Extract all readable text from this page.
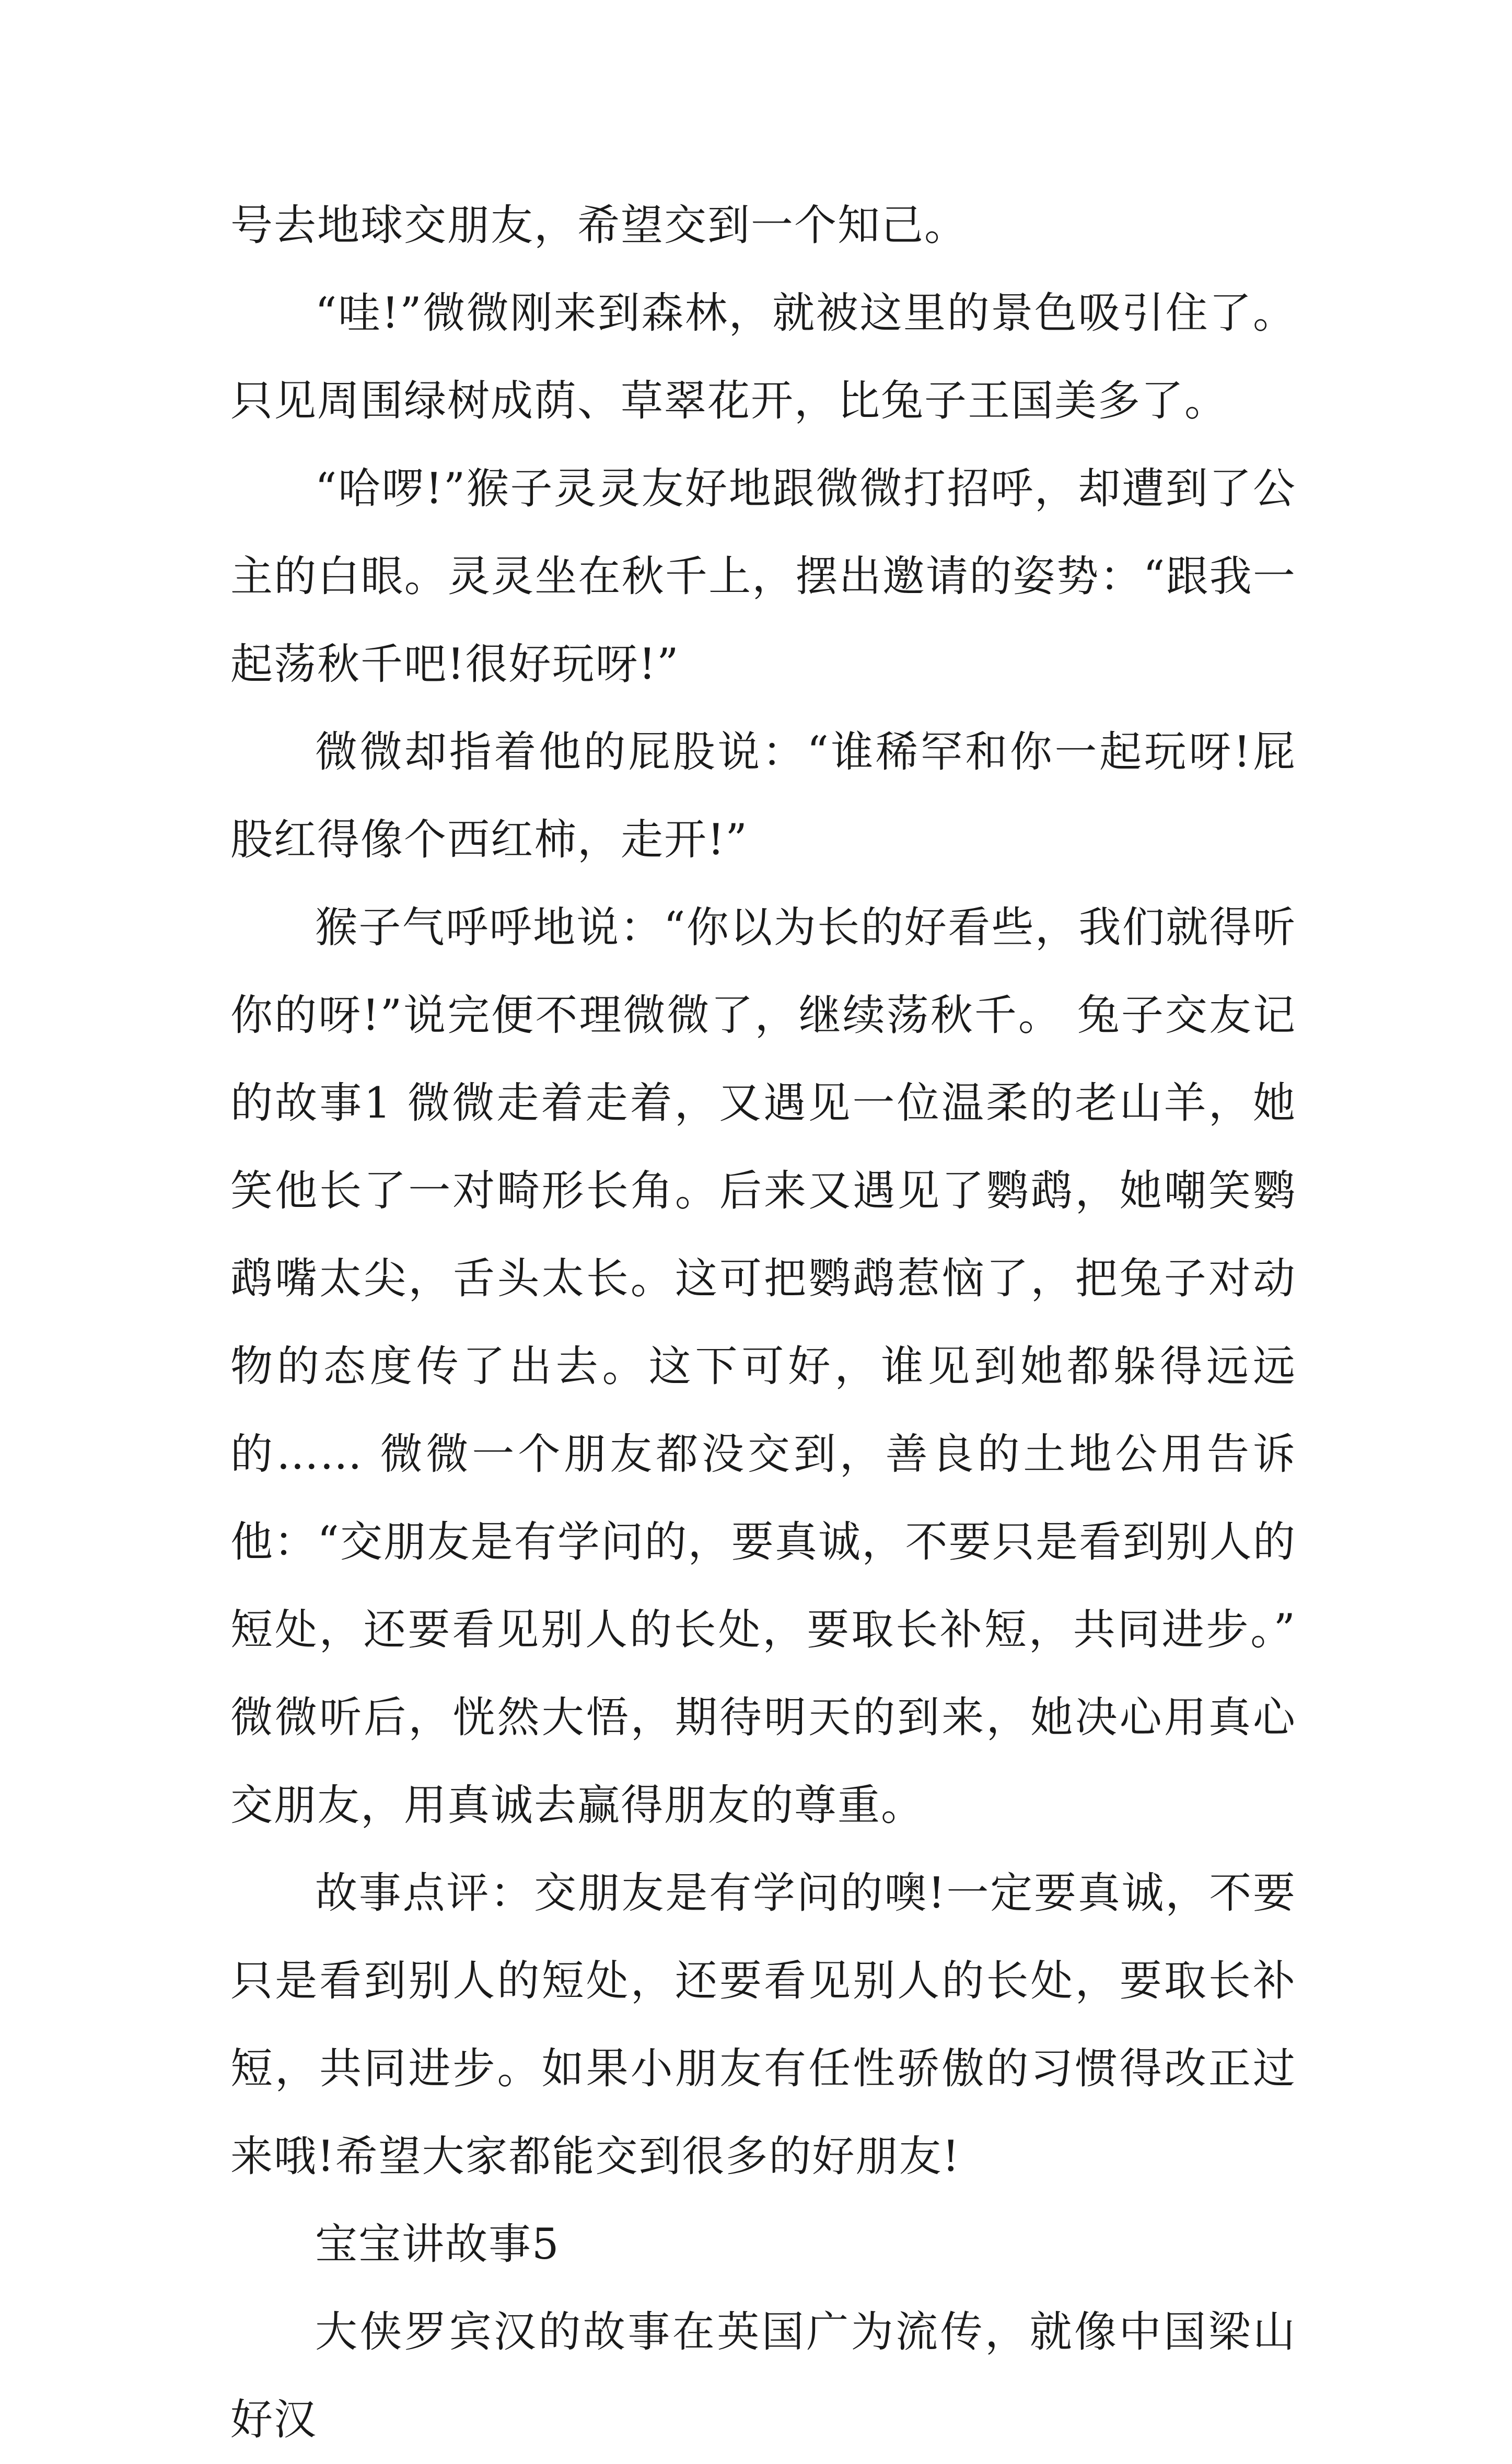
号去地球交朋友，希望交到一个知己。

“哇!”微微刚来到森林，就被这里的景色吸引住了。只见周围绿树成荫、草翠花开，比兔子王国美多了。

“哈啰!”猴子灵灵友好地跟微微打招呼，却遭到了公主的白眼。灵灵坐在秋千上，摆出邀请的姿势：“跟我一起荡秋千吧!很好玩呀!”

微微却指着他的屁股说：“谁稀罕和你一起玩呀!屁股红得像个西红柿，走开!”

猴子气呼呼地说：“你以为长的好看些，我们就得听你的呀!”说完便不理微微了，继续荡秋千。 兔子交友记的故事1 微微走着走着，又遇见一位温柔的老山羊，她笑他长了一对畸形长角。后来又遇见了鹦鹉，她嘲笑鹦鹉嘴太尖，舌头太长。这可把鹦鹉惹恼了，把兔子对动物的态度传了出去。这下可好，谁见到她都躲得远远的…… 微微一个朋友都没交到，善良的土地公用告诉他：“交朋友是有学问的，要真诚，不要只是看到别人的短处，还要看见别人的长处，要取长补短，共同进步。” 微微听后，恍然大悟，期待明天的到来，她决心用真心交朋友，用真诚去赢得朋友的尊重。

故事点评：交朋友是有学问的噢!一定要真诚，不要只是看到别人的短处，还要看见别人的长处，要取长补短，共同进步。如果小朋友有任性骄傲的习惯得改正过来哦!希望大家都能交到很多的好朋友!

宝宝讲故事5

大侠罗宾汉的故事在英国广为流传，就像中国梁山好汉
